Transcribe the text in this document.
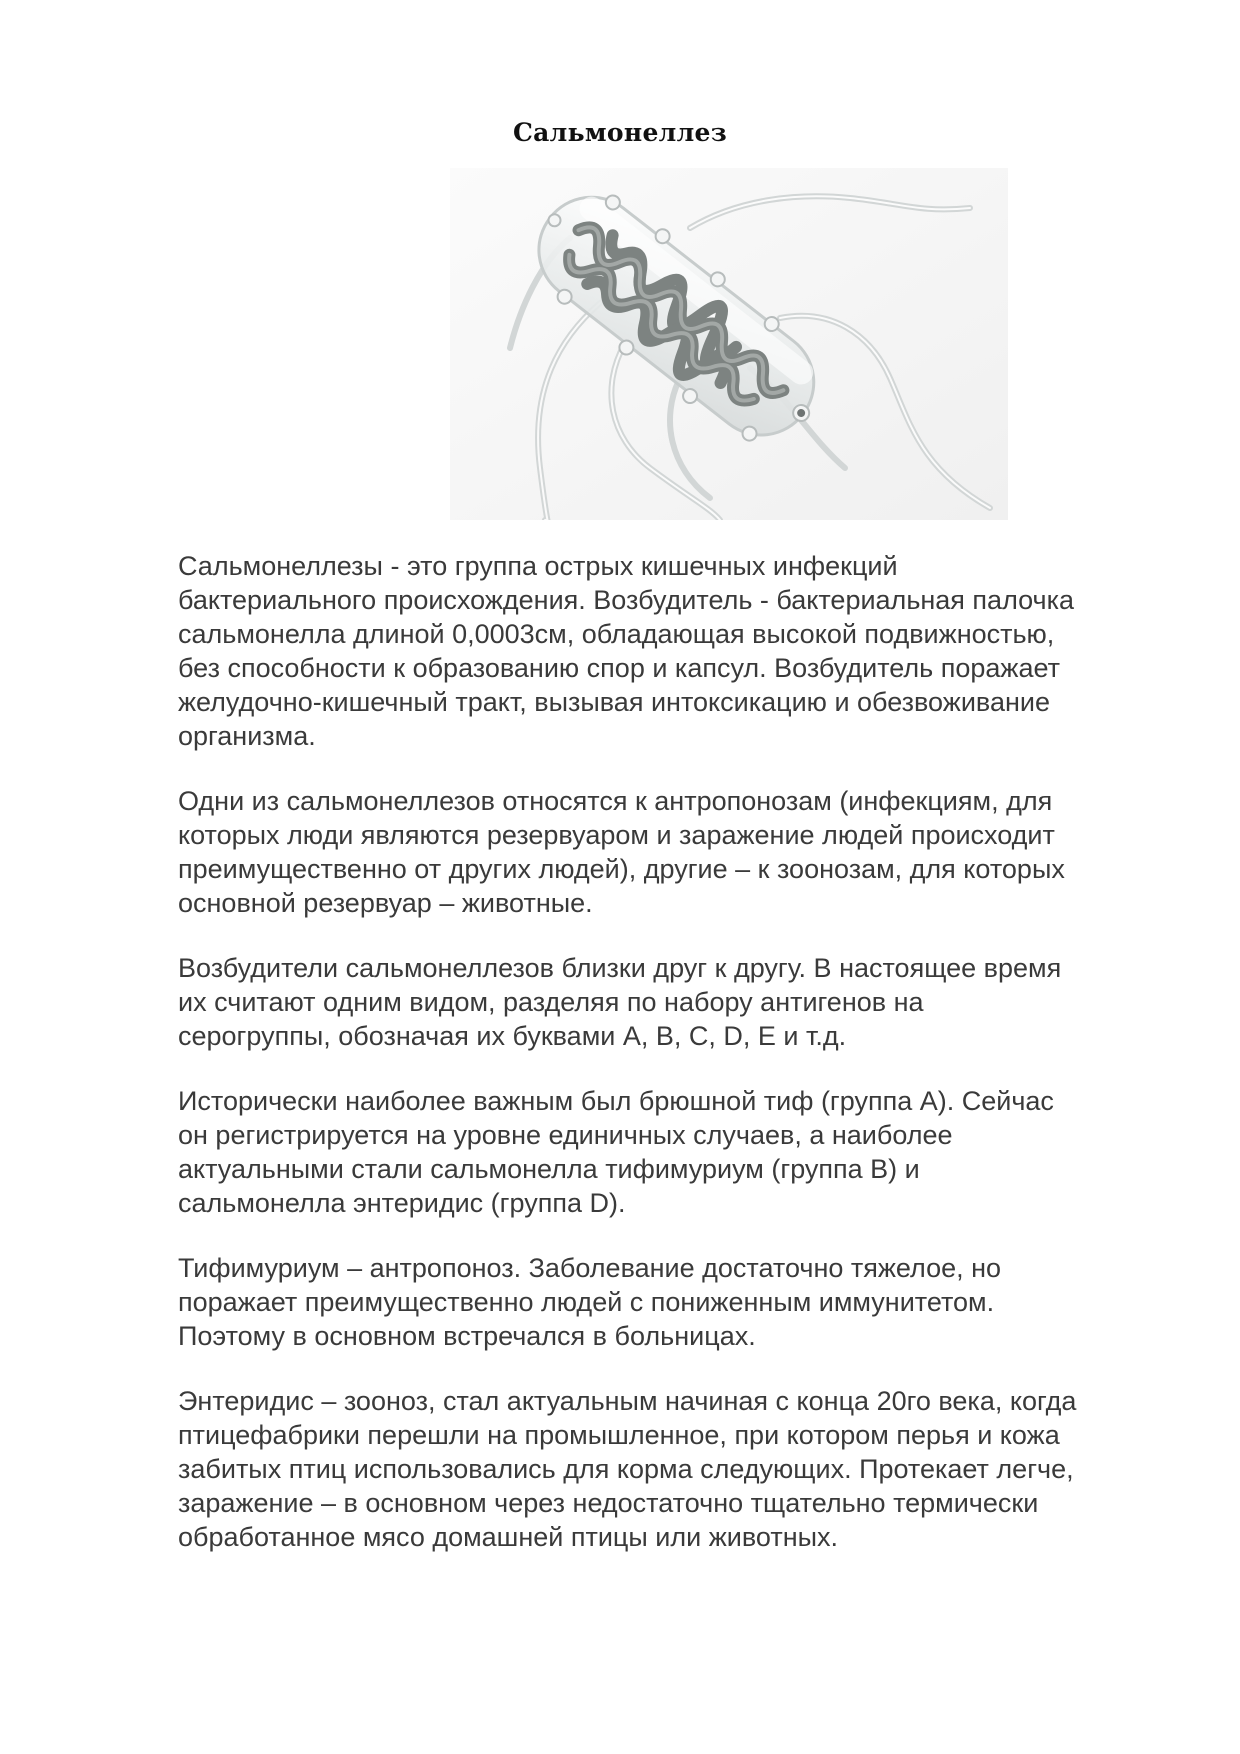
Сальмонеллез

Сальмонеллезы - это группа острых кишечных инфекций
бактериального происхождения. Возбудитель - бактериальная палочка
сальмонелла длиной 0,0003см, обладающая высокой подвижностью,
без способности к образованию спор и капсул. Возбудитель поражает
желудочно-кишечный тракт, вызывая интоксикацию и обезвоживание
организма.

Одни из сальмонеллезов относятся к антропонозам (инфекциям, для
которых люди являются резервуаром и заражение людей происходит
преимущественно от других людей), другие – к зоонозам, для которых
основной резервуар – животные.

Возбудители сальмонеллезов близки друг к другу. В настоящее время
их считают одним видом, разделяя по набору антигенов на
серогруппы, обозначая их буквами A, B, C, D, E и т.д.

Исторически наиболее важным был брюшной тиф (группа A). Сейчас
он регистрируется на уровне единичных случаев, а наиболее
актуальными стали сальмонелла тифимуриум (группа B) и
сальмонелла энтеридис (группа D).

Тифимуриум – антропоноз. Заболевание достаточно тяжелое, но
поражает преимущественно людей с пониженным иммунитетом.
Поэтому в основном встречался в больницах.

Энтеридис – зооноз, стал актуальным начиная с конца 20го века, когда
птицефабрики перешли на промышленное, при котором перья и кожа
забитых птиц использовались для корма следующих. Протекает легче,
заражение – в основном через недостаточно тщательно термически
обработанное мясо домашней птицы или животных.
